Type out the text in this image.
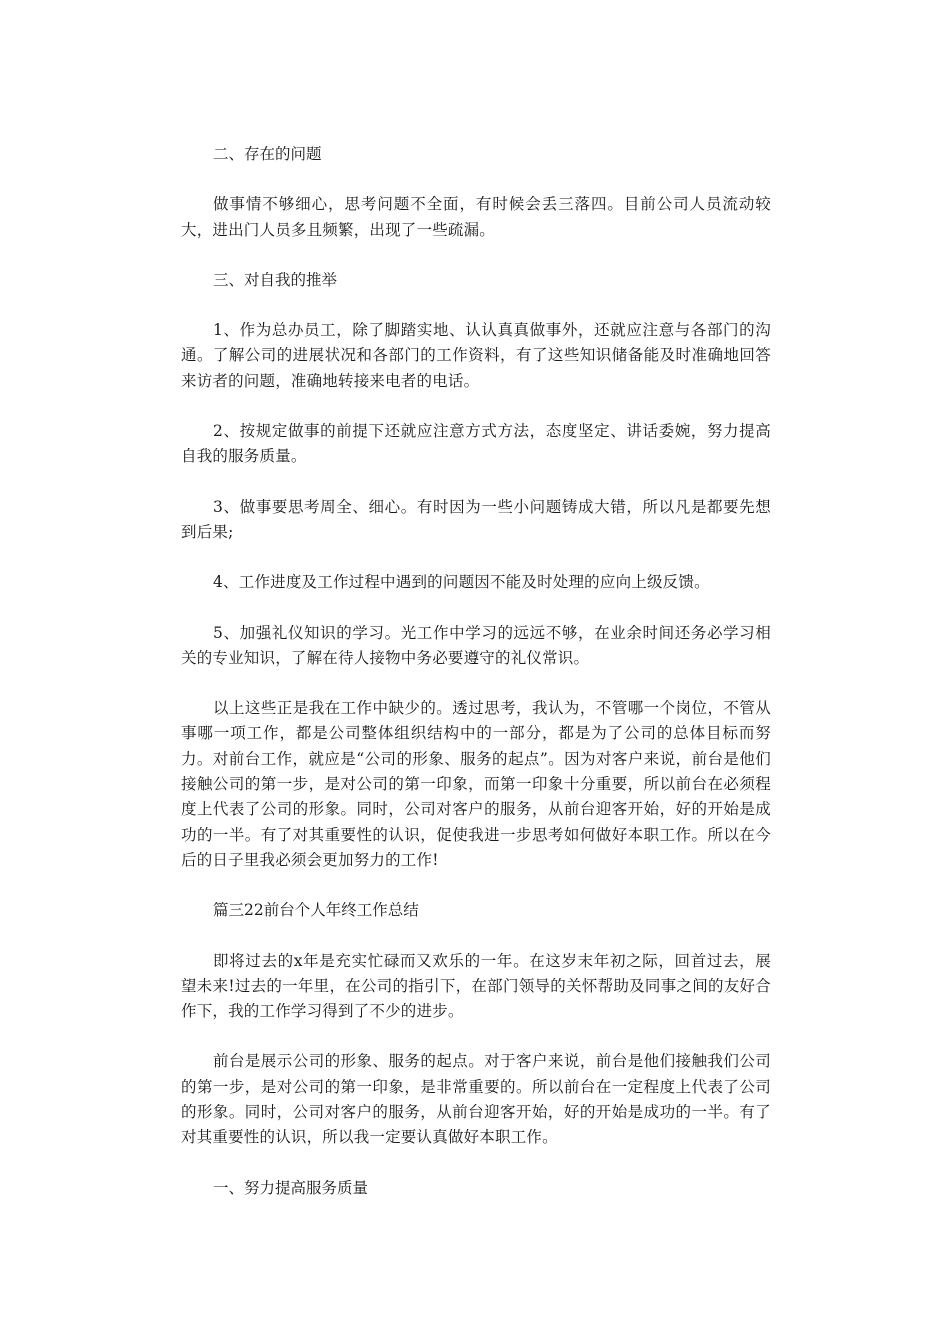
二、存在的问题

做事情不够细心，思考问题不全面，有时候会丢三落四。目前公司人员流动较大，进出门人员多且频繁，出现了一些疏漏。

三、对自我的推举

1、作为总办员工，除了脚踏实地、认认真真做事外，还就应注意与各部门的沟通。了解公司的进展状况和各部门的工作资料，有了这些知识储备能及时准确地回答来访者的问题，准确地转接来电者的电话。

2、按规定做事的前提下还就应注意方式方法，态度坚定、讲话委婉，努力提高自我的服务质量。

3、做事要思考周全、细心。有时因为一些小问题铸成大错，所以凡是都要先想到后果;

4、工作进度及工作过程中遇到的问题因不能及时处理的应向上级反馈。

5、加强礼仪知识的学习。光工作中学习的远远不够，在业余时间还务必学习相关的专业知识，了解在待人接物中务必要遵守的礼仪常识。

以上这些正是我在工作中缺少的。透过思考，我认为，不管哪一个岗位，不管从事哪一项工作，都是公司整体组织结构中的一部分，都是为了公司的总体目标而努力。对前台工作，就应是“公司的形象、服务的起点”。因为对客户来说，前台是他们接触公司的第一步，是对公司的第一印象，而第一印象十分重要，所以前台在必须程度上代表了公司的形象。同时，公司对客户的服务，从前台迎客开始，好的开始是成功的一半。有了对其重要性的认识，促使我进一步思考如何做好本职工作。所以在今后的日子里我必须会更加努力的工作!

篇三22前台个人年终工作总结

即将过去的x年是充实忙碌而又欢乐的一年。在这岁末年初之际，回首过去，展望未来!过去的一年里，在公司的指引下，在部门领导的关怀帮助及同事之间的友好合作下，我的工作学习得到了不少的进步。

前台是展示公司的形象、服务的起点。对于客户来说，前台是他们接触我们公司的第一步，是对公司的第一印象，是非常重要的。所以前台在一定程度上代表了公司的形象。同时，公司对客户的服务，从前台迎客开始，好的开始是成功的一半。有了对其重要性的认识，所以我一定要认真做好本职工作。

一、努力提高服务质量
